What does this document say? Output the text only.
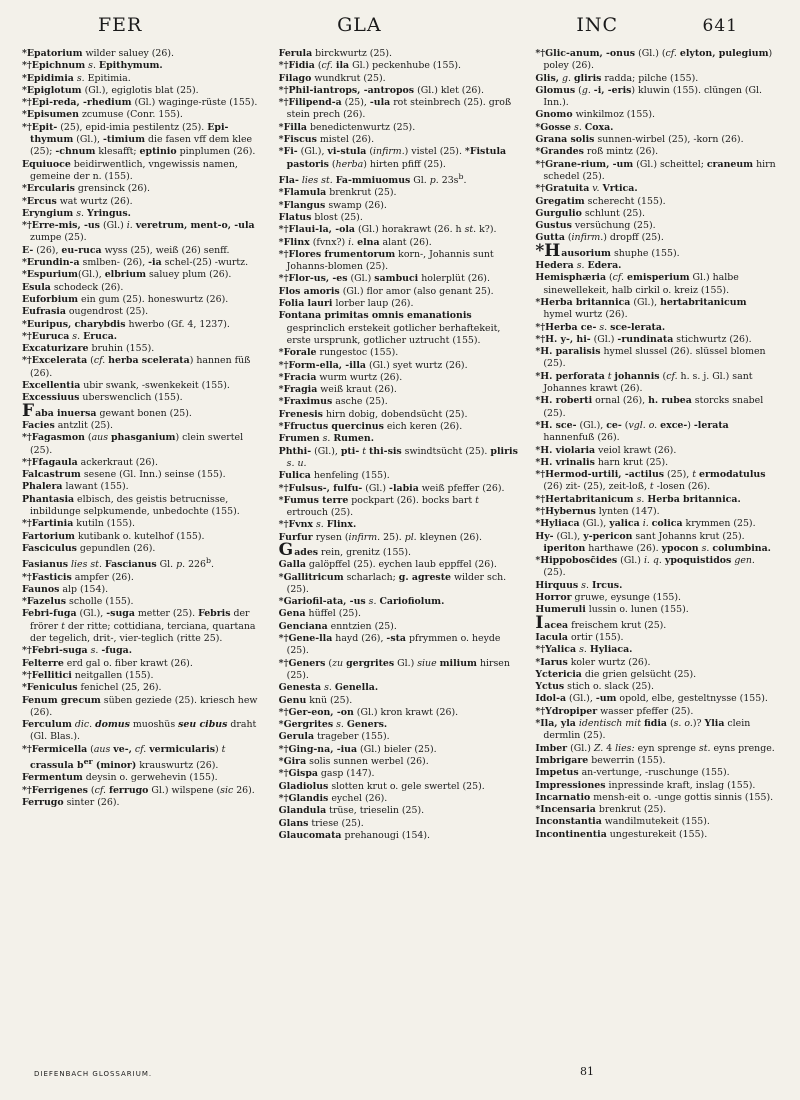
FER	GLA	INC	641

*Epatorium wilder saluey (26).

*†Epichnum s. Epithymum.

*Epidimia s. Epitimia.

*Epiglotum (Gl.), egiglotis blat (25).

*†Epi-reda, -rhedium (Gl.) waginge-rüste (155).

*Episumen zcumuse (Conr. 155).

*†Epit- (25), epid-imia pestilentz (25). Epi-thymum (Gl.), -timium die fasen vff dem klee (25); -chnum klesafft; eptinio pinplumen (26).

Equiuoce beidirwentlich, vngewissis namen, gemeine der n. (155).

*Ercularis grensinck (26).

*Ercus wat wurtz (26).

Eryngium s. Yringus.

*†Erre-mis, -us (Gl.) i. veretrum, ment-o, -ula zumpe (25).

E- (26), eu-ruca wyss (25), weiß (26) senff.

*Erundin-a smlben- (26), -ia schel-(25) -wurtz.

*Espurium(Gl.), elbrium saluey plum (26).

Esula schodeck (26).

Euforbium ein gum (25). honeswurtz (26).

Eufrasia ougendrost (25).

*Euripus, charybdis hwerbo (Gf. 4, 1237).

*†Euruca s. Eruca.

Excaturizare bruhin (155).

*†Excelerata (cf. herba scelerata) hannen füß (26).

Excellentia ubir swank, -swenkekeit (155).

Excessiuus uberswenclich (155).

Faba inuersa gewant bonen (25).

Facies antzlit (25).

*†Fagasmon (aus phasganium) clein swertel (25).

*†Ffagaula ackerkraut (26).

Falcastrum sesene (Gl. Inn.) seinse (155).

Phalera lawant (155).

Phantasia elbisch, des geistis betrucnisse, inbildunge selpkumende, unbedochte (155).

*†Fartinia kutiln (155).

Fartorium kutibank o. kutelhof (155).

Fasciculus gepundlen (26).

Fasianus lies st. Fascianus Gl. p. 226$^b$.

*†Fasticis ampfer (26).

Faunos alp (154).

*Fazelus scholle (155).

Febri-fuga (Gl.), -suga metter (25). Febris der frörer t der ritte; cottidiana, terciana, quartana der tegelich, drit-, vier-teglich (ritte 25).

*†Febri-suga s. -fuga.

Felterre erd gal o. fiber krawt (26).

*†Fellitici neitgallen (155).

*Feniculus fenichel (25, 26).

Fenum grecum süben geziede (25). kriesch hew (26).

Ferculum dic. domus muoshüs seu cibus draht (Gl. Blas.).

*†Fermicella (aus ve-, cf. vermicularis) t crassula $b^{er}$ (minor) krauswurtz (26).

Fermentum deysin o. gerwehevin (155).

*†Ferrigenes (cf. ferrugo Gl.) wilspene (sic 26).

Ferrugo sinter (26).

Ferula birckwurtz (25).

*†Fidia (cf. ila Gl.) peckenhube (155).

Filago wundkrut (25).

*†Phil-iantrops, -antropos (Gl.) klet (26).

*†Filipend-a (25), -ula rot steinbrech (25). groß stein prech (26).

*Filla benedictenwurtz (25).

*Fiscus mistel (26).

*Fi- (Gl.), vi-stula (infirm.) vistel (25). *Fistula pastoris (herba) hirten pfiff (25).

Fla- lies st. Fa-mmiuomus Gl. p. $23s^b$.

*Flamula brenkrut (25).

*Flangus swamp (26).

Flatus blost (25).

*†Flaui-la, -ola (Gl.) horakrawt (26. h st. k?).

*Flinx (fvnx?) i. elna alant (26).

*†Flores frumentorum korn-, Johannis sunt Johanns-blomen (25).

*†Flor-us, -es (Gl.) sambuci holerplüt (26).

Flos amoris (Gl.) flor amor (also genant 25).

Folia lauri lorber laup (26).

Fontana primitas omnis emanationis gesprinclich erstekeit gotlicher berhaftekeit, erste ursprunk, gotlicher uztrucht (155).

*Forale rungestoc (155).

*†Form-ella, -illa (Gl.) syet wurtz (26).

*Fracia wurm wurtz (26).

*Fragia weiß kraut (26).

*Fraximus asche (25).

Frenesis hirn dobig, dobendsücht (25).

*Ffructus quercinus eich keren (26).

Frumen s. Rumen.

Phthi- (Gl.), pti- t thi-sis swindtsücht (25). pliris s. u.

Fulica henfeling (155).

*†Fulsus-, fulfu- (Gl.) -labia weiß pfeffer (26).

*Fumus terre pockpart (26). bocks bart t ertrouch (25).

*†Fvnx s. Flinx.

Furfur rysen (infirm. 25). pl. kleynen (26).

Gades rein, grenitz (155).

Galla galöpffel (25). eychen laub eppffel (26).

*Gallitricum scharlach; g. agreste wilder sch. (25).

*Gariofil-ata, -us s. Cariofiolum.

Gena hüffel (25).

Genciana enntzien (25).

*†Gene-lla hayd (26), -sta pfrymmen o. heyde (25).

*†Geners (zu gergrites Gl.) siue milium hirsen (25).

Genesta s. Genella.

Genu knü (25).

*†Ger-eon, -on (Gl.) kron krawt (26).

*Gergrites s. Geners.

Gerula trageber (155).

*†Ging-na, -iua (Gl.) bieler (25).

*Gira solis sunnen werbel (26).

*†Gispa gasp (147).

Gladiolus slotten krut o. gele swertel (25).

*†Glandis eychel (26).

Glandula trüse, trieselin (25).

Glans triese (25).

Glaucomata prehanougi (154).

*†Glic-anum, -onus (Gl.) (cf. elyton, pulegium) poley (26).

Glis, g. gliris radda; pilche (155).

Glomus (g. -i, -eris) kluwin (155). clüngen (Gl. Inn.).

Gnomo winkilmoz (155).

*Gosse s. Coxa.

Grana solis sunnen-wirbel (25), -korn (26).

*Grandes roß mintz (26).

*†Grane-rium, -um (Gl.) scheittel; craneum hirn schedel (25).

*†Gratuita v. Vrtica.

Gregatim scherecht (155).

Gurgulio schlunt (25).

Gustus versüchung (25).

Gutta (infirm.) dropff (25).

*Hausorium shuphe (155).

Hedera s. Edera.

Hemisphæria (cf. emisperium Gl.) halbe sinewellekeit, halb cirkil o. kreiz (155).

*Herba britannica (Gl.), hertabritanicum hymel wurtz (26).

*†Herba ce- s. sce-lerata.

*†H. y-, hi- (Gl.) -rundinata stichwurtz (26).

*H. paralisis hymel slussel (26). slüssel blomen (25).

*H. perforata t johannis (cf. h. s. j. Gl.) sant Johannes krawt (26).

*H. roberti ornal (26), h. rubea storcks snabel (25).

*H. sce- (Gl.), ce- (vgl. o. exce-) -lerata hannenfuß (26).

*H. violaria veiol krawt (26).

*H. vrinalis harn krut (25).

*†Hermod-urtili, -actilus (25), t ermodatulus (26) zit- (25), zeit-loß, t -losen (26).

*†Hertabritanicum s. Herba britannica.

*†Hybernus lynten (147).

*Hyliaca (Gl.), yalica i. colica krymmen (25).

Hy- (Gl.), y-pericon sant Johanns krut (25). iperiton harthawe (26). ypocon s. columbina.

*Hippobosc̄ides (Gl.) i. q. ypoquistidos gen. (25).

Hirquus s. Ircus.

Horror gruwe, eysunge (155).

Humeruli lussin o. lunen (155).

Iacea freischem krut (25).

Iacula ortir (155).

*†Yalica s. Hyliaca.

*Iarus koler wurtz (26).

Yctericia die grien gelsücht (25).

Yctus stich o. slack (25).

Idol-a (Gl.), -um opold, elbe, gesteltnysse (155).

*†Ydropiper wasser pfeffer (25).

*Ila, yla identisch mit fidia (s. o.)? Ylia clein dermlin (25).

Imber (Gl.) Z. 4 lies: eyn sprenge st. eyns prenge.

Imbrigare bewerrin (155).

Impetus an-vertunge, -ruschunge (155).

Impressiones inpressinde kraft, inslag (155).

Incarnatio mensh-eit o. -unge gottis sinnis (155).

*Incensaria brenkrut (25).

Inconstantia wandilmutekeit (155).

Incontinentia ungesturekeit (155).

DIEFENBACH GLOSSARIUM.	81
